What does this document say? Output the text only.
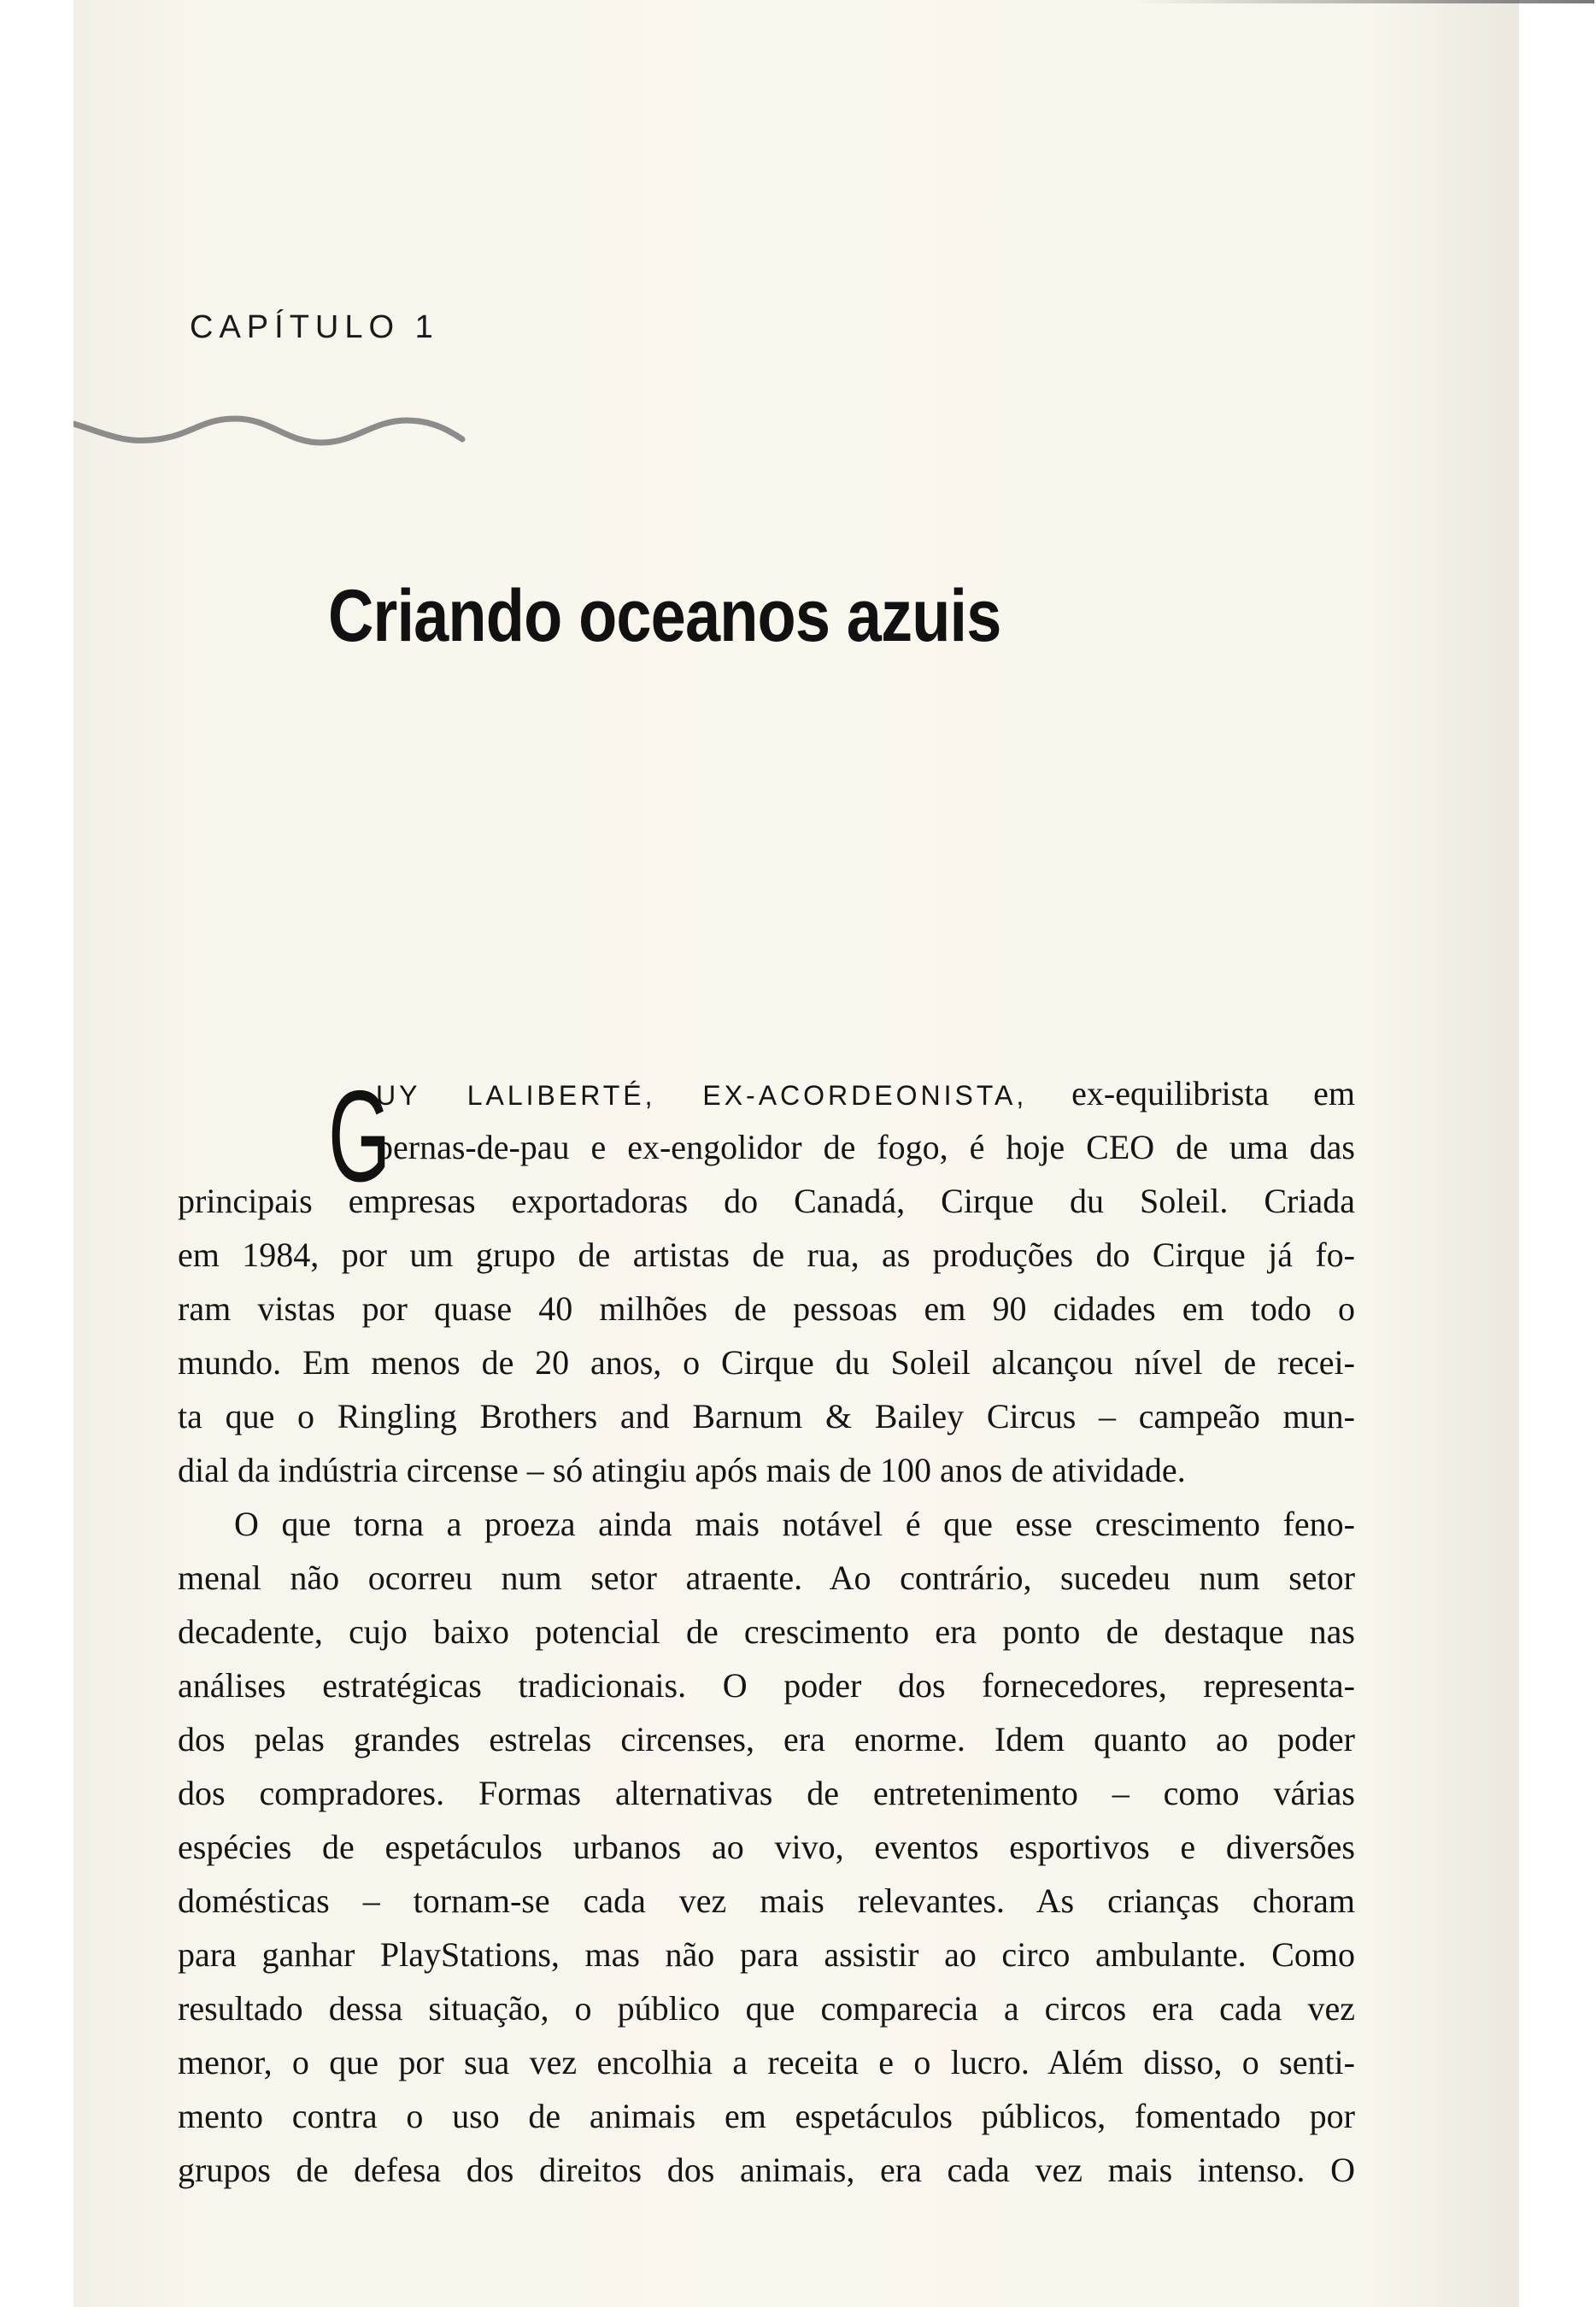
CAPÍTULO 1
Criando oceanos azuis
G
UY LALIBERTÉ, EX-ACORDEONISTA, ex-equilibrista em
pernas-de-pau e ex-engolidor de fogo, é hoje CEO de uma das
principais empresas exportadoras do Canadá, Cirque du Soleil. Criada
em 1984, por um grupo de artistas de rua, as produções do Cirque já fo-
ram vistas por quase 40 milhões de pessoas em 90 cidades em todo o
mundo. Em menos de 20 anos, o Cirque du Soleil alcançou nível de recei-
ta que o Ringling Brothers and Barnum & Bailey Circus – campeão mun-
dial da indústria circense – só atingiu após mais de 100 anos de atividade.
O que torna a proeza ainda mais notável é que esse crescimento feno-
menal não ocorreu num setor atraente. Ao contrário, sucedeu num setor
decadente, cujo baixo potencial de crescimento era ponto de destaque nas
análises estratégicas tradicionais. O poder dos fornecedores, representa-
dos pelas grandes estrelas circenses, era enorme. Idem quanto ao poder
dos compradores. Formas alternativas de entretenimento – como várias
espécies de espetáculos urbanos ao vivo, eventos esportivos e diversões
domésticas – tornam-se cada vez mais relevantes. As crianças choram
para ganhar PlayStations, mas não para assistir ao circo ambulante. Como
resultado dessa situação, o público que comparecia a circos era cada vez
menor, o que por sua vez encolhia a receita e o lucro. Além disso, o senti-
mento contra o uso de animais em espetáculos públicos, fomentado por
grupos de defesa dos direitos dos animais, era cada vez mais intenso. O
